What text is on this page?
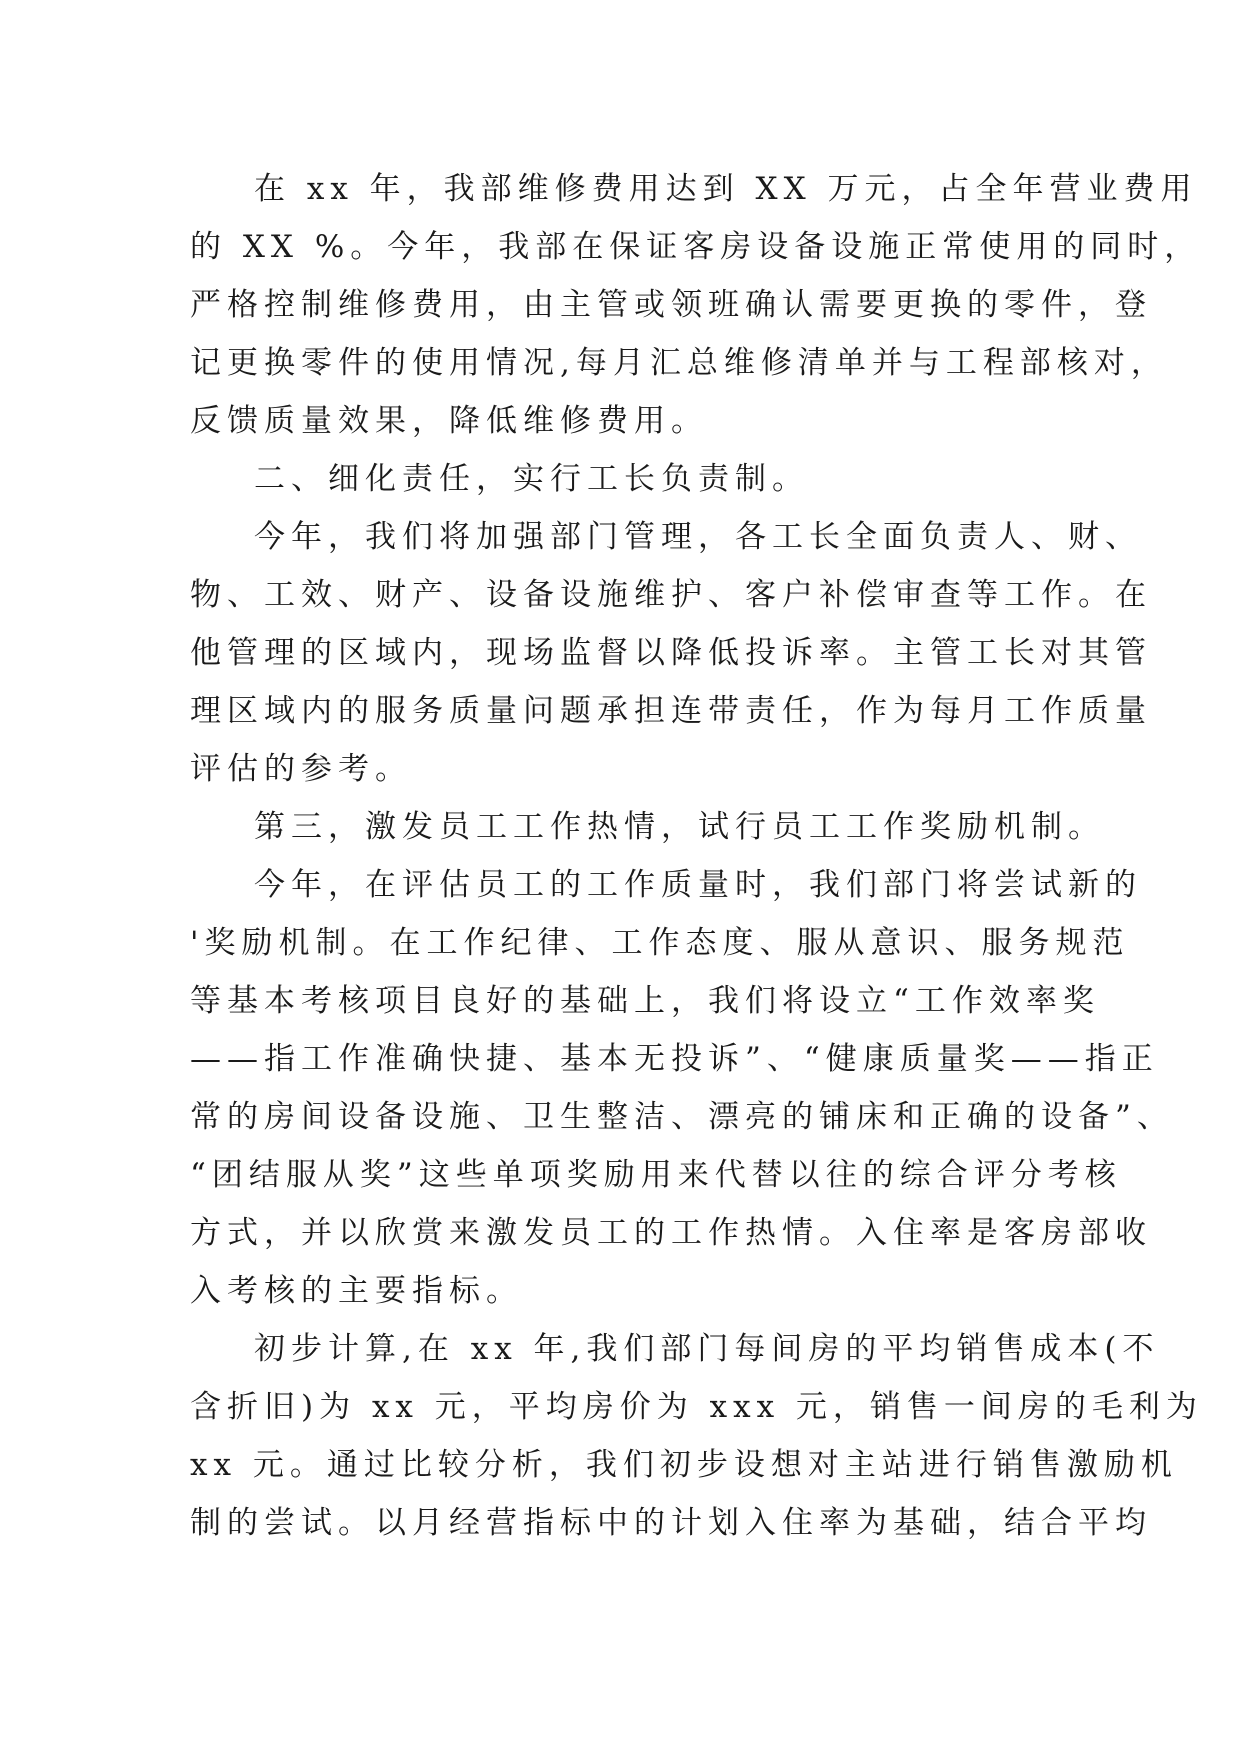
在 xx 年，我部维修费用达到 XX 万元，占全年营业费用
的 XX %。今年，我部在保证客房设备设施正常使用的同时，
严格控制维修费用，由主管或领班确认需要更换的零件，登
记更换零件的使用情况,每月汇总维修清单并与工程部核对，
反馈质量效果，降低维修费用。
二、细化责任，实行工长负责制。
今年，我们将加强部门管理，各工长全面负责人、财、
物、工效、财产、设备设施维护、客户补偿审查等工作。在
他管理的区域内，现场监督以降低投诉率。主管工长对其管
理区域内的服务质量问题承担连带责任，作为每月工作质量
评估的参考。
第三，激发员工工作热情，试行员工工作奖励机制。
今年，在评估员工的工作质量时，我们部门将尝试新的
'奖励机制。在工作纪律、工作态度、服从意识、服务规范
等基本考核项目良好的基础上，我们将设立“工作效率奖
——指工作准确快捷、基本无投诉”、“健康质量奖——指正
常的房间设备设施、卫生整洁、漂亮的铺床和正确的设备”、
“团结服从奖”这些单项奖励用来代替以往的综合评分考核
方式，并以欣赏来激发员工的工作热情。入住率是客房部收
入考核的主要指标。
初步计算,在 xx 年,我们部门每间房的平均销售成本(不
含折旧)为 xx 元，平均房价为 xxx 元，销售一间房的毛利为
xx 元。通过比较分析，我们初步设想对主站进行销售激励机
制的尝试。以月经营指标中的计划入住率为基础，结合平均
